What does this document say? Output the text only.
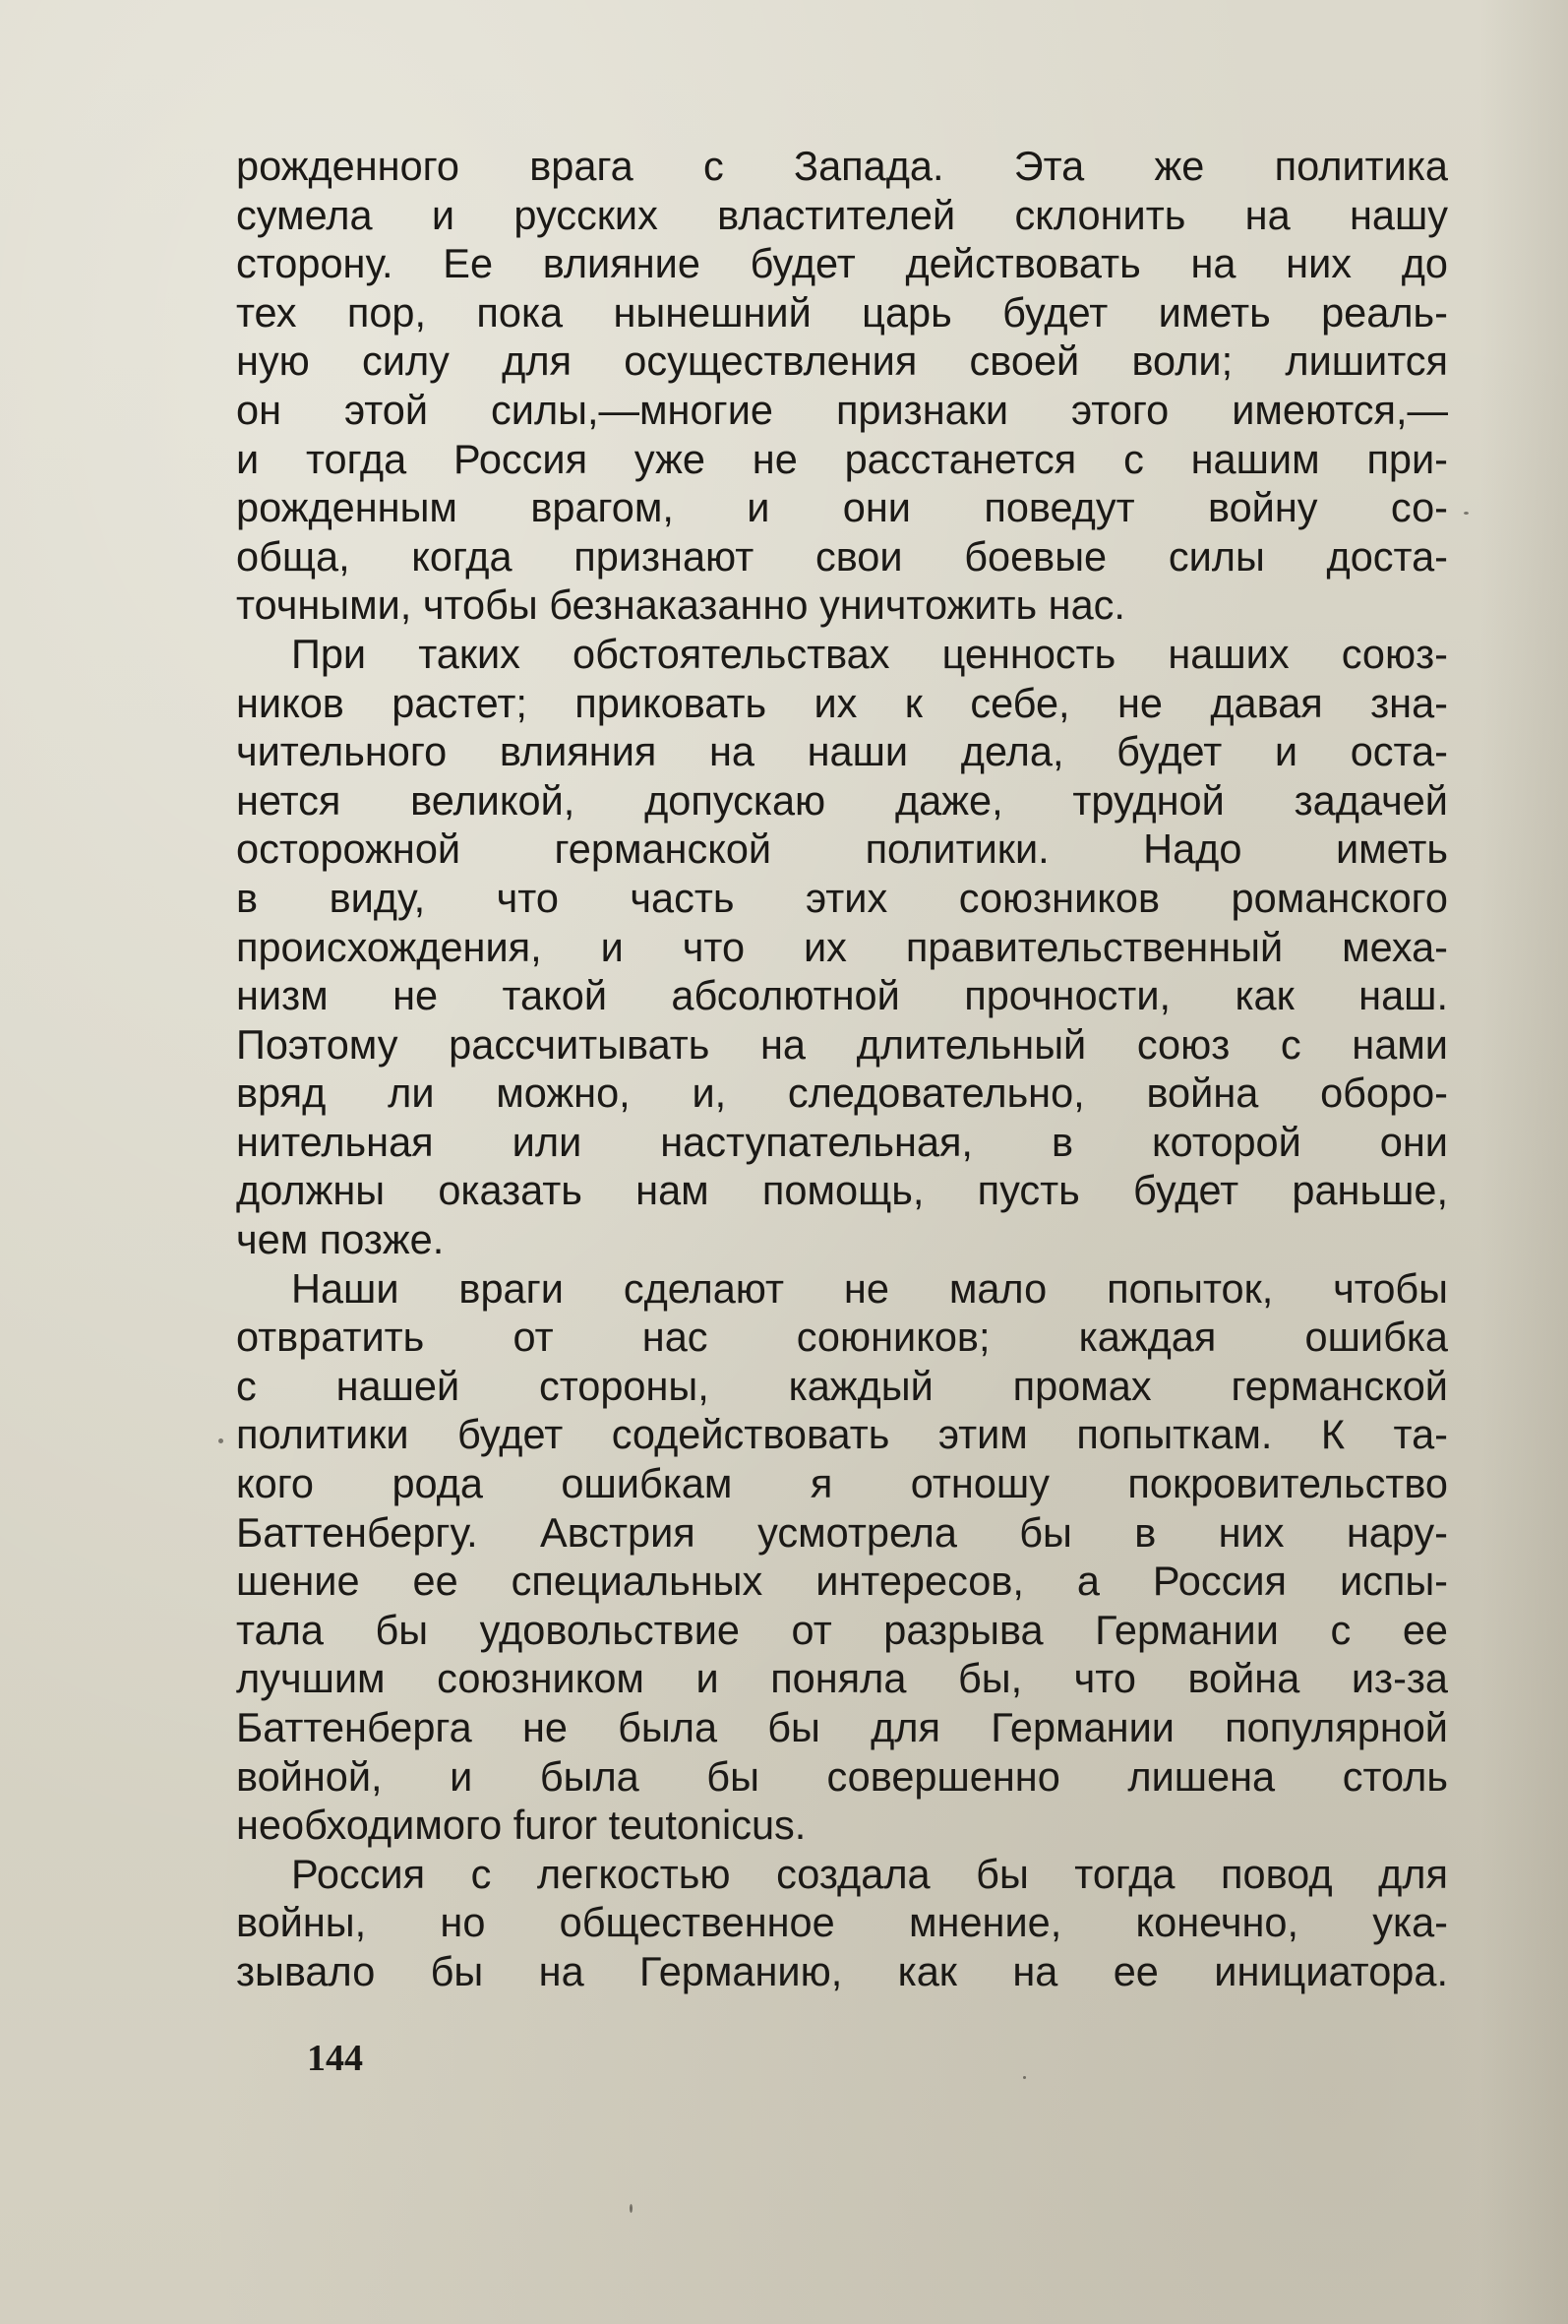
рожденного врага с Запада. Эта же политика
сумела и русских властителей склонить на нашу
сторону. Ее влияние будет действовать на них до
тех пор, пока нынешний царь будет иметь реаль-
ную силу для осуществления своей воли; лишится
он этой силы,—многие признаки этого имеются,—
и тогда Россия уже не расстанется с нашим при-
рожденным врагом, и они поведут войну со-
обща, когда признают свои боевые силы доста-
точными, чтобы безнаказанно уничтожить нас.
При таких обстоятельствах ценность наших союз-
ников растет; приковать их к себе, не давая зна-
чительного влияния на наши дела, будет и оста-
нется великой, допускаю даже, трудной задачей
осторожной германской политики. Надо иметь
в виду, что часть этих союзников романского
происхождения, и что их правительственный меха-
низм не такой абсолютной прочности, как наш.
Поэтому рассчитывать на длительный союз с нами
вряд ли можно, и, следовательно, война оборо-
нительная или наступательная, в которой они
должны оказать нам помощь, пусть будет раньше,
чем позже.
Наши враги сделают не мало попыток, чтобы
отвратить от нас союников; каждая ошибка
с нашей стороны, каждый промах германской
политики будет содействовать этим попыткам. К та-
кого рода ошибкам я отношу покровительство
Баттенбергу. Австрия усмотрела бы в них нару-
шение ее специальных интересов, а Россия испы-
тала бы удовольствие от разрыва Германии с ее
лучшим союзником и поняла бы, что война из-за
Баттенберга не была бы для Германии популярной
войной, и была бы совершенно лишена столь
необходимого furor teutonicus.
Россия с легкостью создала бы тогда повод для
войны, но общественное мнение, конечно, ука-
зывало бы на Германию, как на ее инициатора.
144
